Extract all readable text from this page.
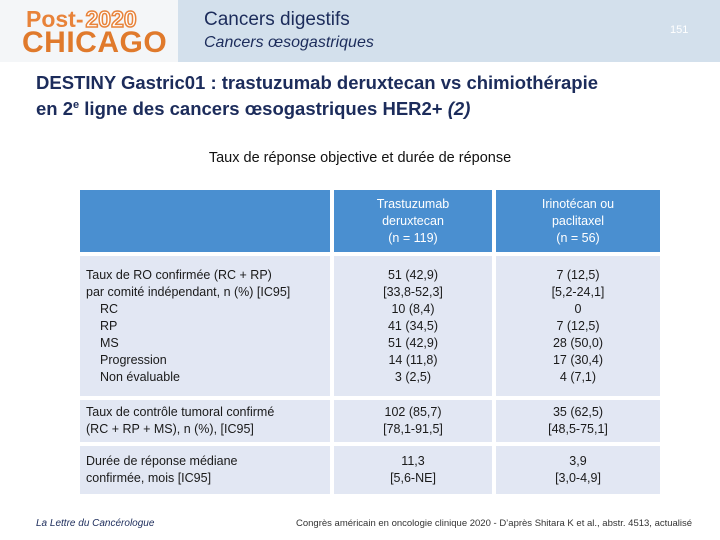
Post-2020
CHICAGO
Cancers digestifs
Cancers œsogastriques
151
DESTINY Gastric01 : trastuzumab deruxtecan vs chimiothérapie
en 2e ligne des cancers œsogastriques HER2+ (2)
Taux de réponse objective et durée de réponse
Trastuzumab
deruxtecan
(n = 119)
Irinotécan ou
paclitaxel
(n = 56)
Taux de RO confirmée (RC + RP)
par comité indépendant, n (%) [IC95]
RC
RP
MS
Progression
Non évaluable
51 (42,9)
[33,8-52,3]
10 (8,4)
41 (34,5)
51 (42,9)
14 (11,8)
3 (2,5)
7 (12,5)
[5,2-24,1]
0
7 (12,5)
28 (50,0)
17 (30,4)
4 (7,1)
Taux de contrôle tumoral confirmé
(RC + RP + MS), n (%), [IC95]
102 (85,7)
[78,1-91,5]
35 (62,5)
[48,5-75,1]
Durée de réponse médiane
confirmée, mois [IC95]
11,3
[5,6-NE]
3,9
[3,0-4,9]
La Lettre du Cancérologue	Congrès américain en oncologie clinique 2020 - D’après Shitara K et al., abstr. 4513, actualisé
